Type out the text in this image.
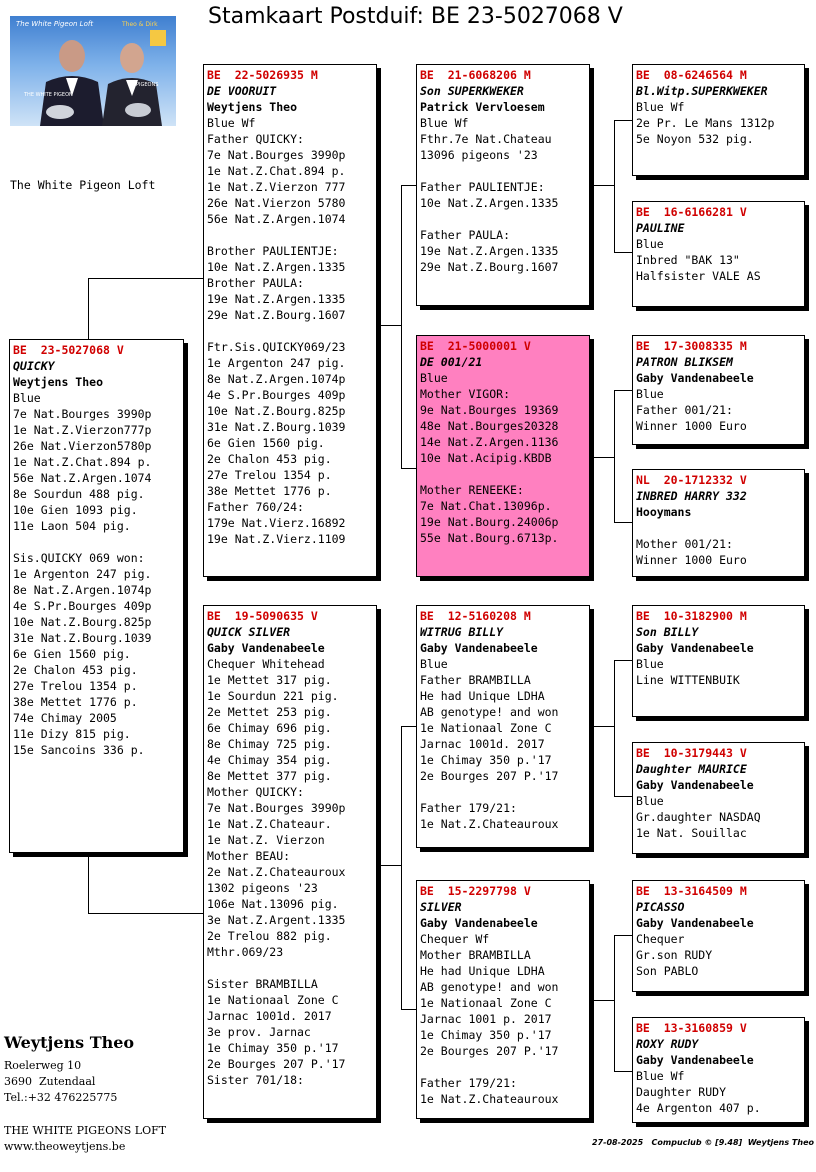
Stamkaart Postduif: BE 23-5027068 V
The White Pigeon Loft	Theo & Dirk
THE WHITE PIGEON
PIGEONS
The White Pigeon Loft
BE  23-5027068 V
QUICKY
Weytjens Theo
Blue
7e Nat.Bourges 3990p
1e Nat.Z.Vierzon777p
26e Nat.Vierzon5780p
1e Nat.Z.Chat.894 p.
56e Nat.Z.Argen.1074
8e Sourdun 488 pig.
10e Gien 1093 pig.
11e Laon 504 pig.
Sis.QUICKY 069 won:
1e Argenton 247 pig.
8e Nat.Z.Argen.1074p
4e S.Pr.Bourges 409p
10e Nat.Z.Bourg.825p
31e Nat.Z.Bourg.1039
6e Gien 1560 pig.
2e Chalon 453 pig.
27e Trelou 1354 p.
38e Mettet 1776 p.
74e Chimay 2005
11e Dizy 815 pig.
15e Sancoins 336 p.
BE  22-5026935 M
DE VOORUIT
Weytjens Theo
Blue Wf
Father QUICKY:
7e Nat.Bourges 3990p
1e Nat.Z.Chat.894 p.
1e Nat.Z.Vierzon 777
26e Nat.Vierzon 5780
56e Nat.Z.Argen.1074
Brother PAULIENTJE:
10e Nat.Z.Argen.1335
Brother PAULA:
19e Nat.Z.Argen.1335
29e Nat.Z.Bourg.1607
Ftr.Sis.QUICKY069/23
1e Argenton 247 pig.
8e Nat.Z.Argen.1074p
4e S.Pr.Bourges 409p
10e Nat.Z.Bourg.825p
31e Nat.Z.Bourg.1039
6e Gien 1560 pig.
2e Chalon 453 pig.
27e Trelou 1354 p.
38e Mettet 1776 p.
Father 760/24:
179e Nat.Vierz.16892
19e Nat.Z.Vierz.1109
BE  19-5090635 V
QUICK SILVER
Gaby Vandenabeele
Chequer Whitehead
1e Mettet 317 pig.
1e Sourdun 221 pig.
2e Mettet 253 pig.
6e Chimay 696 pig.
8e Chimay 725 pig.
4e Chimay 354 pig.
8e Mettet 377 pig.
Mother QUICKY:
7e Nat.Bourges 3990p
1e Nat.Z.Chateaur.
1e Nat.Z. Vierzon
Mother BEAU:
2e Nat.Z.Chateauroux
1302 pigeons '23
106e Nat.13096 pig.
3e Nat.Z.Argent.1335
2e Trelou 882 pig.
Mthr.069/23
Sister BRAMBILLA
1e Nationaal Zone C
Jarnac 1001d. 2017
3e prov. Jarnac
1e Chimay 350 p.'17
2e Bourges 207 P.'17
Sister 701/18:
BE  21-6068206 M
Son SUPERKWEKER
Patrick Vervloesem
Blue Wf
Fthr.7e Nat.Chateau
13096 pigeons '23
Father PAULIENTJE:
10e Nat.Z.Argen.1335
Father PAULA:
19e Nat.Z.Argen.1335
29e Nat.Z.Bourg.1607
BE  21-5000001 V
DE 001/21
Blue
Mother VIGOR:
9e Nat.Bourges 19369
48e Nat.Bourges20328
14e Nat.Z.Argen.1136
10e Nat.Acipig.KBDB
Mother RENEEKE:
7e Nat.Chat.13096p.
19e Nat.Bourg.24006p
55e Nat.Bourg.6713p.
BE  12-5160208 M
WITRUG BILLY
Gaby Vandenabeele
Blue
Father BRAMBILLA
He had Unique LDHA
AB genotype! and won
1e Nationaal Zone C
Jarnac 1001d. 2017
1e Chimay 350 p.'17
2e Bourges 207 P.'17
Father 179/21:
1e Nat.Z.Chateauroux
BE  15-2297798 V
SILVER
Gaby Vandenabeele
Chequer Wf
Mother BRAMBILLA
He had Unique LDHA
AB genotype! and won
1e Nationaal Zone C
Jarnac 1001 p. 2017
1e Chimay 350 p.'17
2e Bourges 207 P.'17
Father 179/21:
1e Nat.Z.Chateauroux
BE  08-6246564 M
Bl.Witp.SUPERKWEKER
Blue Wf
2e Pr. Le Mans 1312p
5e Noyon 532 pig.
BE  16-6166281 V
PAULINE
Blue
Inbred "BAK 13"
Halfsister VALE AS
BE  17-3008335 M
PATRON BLIKSEM
Gaby Vandenabeele
Blue
Father 001/21:
Winner 1000 Euro
NL  20-1712332 V
INBRED HARRY 332
Hooymans
Mother 001/21:
Winner 1000 Euro
BE  10-3182900 M
Son BILLY
Gaby Vandenabeele
Blue
Line WITTENBUIK
BE  10-3179443 V
Daughter MAURICE
Gaby Vandenabeele
Blue
Gr.daughter NASDAQ
1e Nat. Souillac
BE  13-3164509 M
PICASSO
Gaby Vandenabeele
Chequer
Gr.son RUDY
Son PABLO
BE  13-3160859 V
ROXY RUDY
Gaby Vandenabeele
Blue Wf
Daughter RUDY
4e Argenton 407 p.
Weytjens Theo
Roelerweg 10
3690  Zutendaal
Tel.:+32 476225775
THE WHITE PIGEONS LOFT
www.theoweytjens.be	27-08-2025   Compuclub © [9.48]  Weytjens Theo
